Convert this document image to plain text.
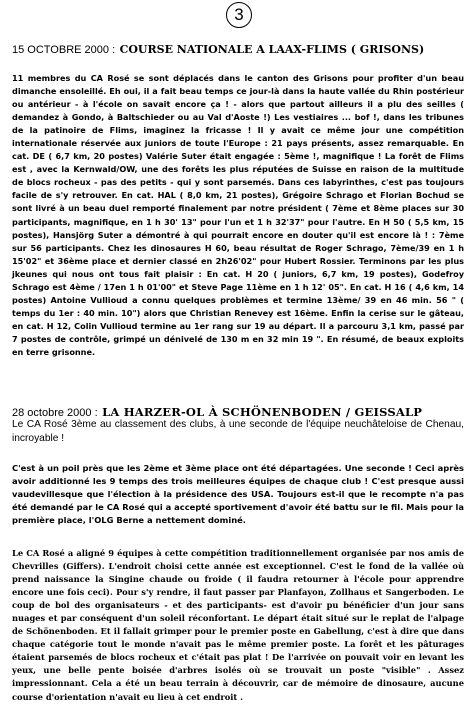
3
15 OCTOBRE 2000 : COURSE NATIONALE A LAAX-FLIMS ( GRISONS)

11 membres du CA Rosé se sont déplacés dans le canton des Grisons pour profiter d'un beau dimanche ensoleillé. Eh oui, il a fait beau temps ce jour-là dans la haute vallée du Rhin postérieur ou antérieur - à l'école on savait encore ça ! - alors que partout ailleurs il a plu des seilles ( demandez à Gondo, à Baltschieder ou au Val d'Aoste !) Les vestiaires ... bof !, dans les tribunes de la patinoire de Flims, imaginez la fricasse ! Il y avait ce même jour une compétition internationale réservée aux juniors de toute l'Europe : 21 pays présents, assez remarquable. En cat. DE ( 6,7 km, 20 postes) Valérie Suter était engagée : 5ème !, magnifique ! La forêt de Flims est , avec la Kernwald/OW, une des forêts les plus réputées de Suisse en raison de la multitude de blocs rocheux - pas des petits - qui y sont parsemés. Dans ces labyrinthes, c'est pas toujours facile de s'y retrouver. En cat. HAL ( 8,0 km, 21 postes), Grégoire Schrago et Florian Bochud se sont livré à un beau duel remporté finalement par notre président ( 7ème et 8ème places sur 30 participants, magnifique, en 1 h 30' 13" pour l'un et 1 h 32'37" pour l'autre. En H 50 ( 5,5 km, 15 postes), Hansjörg Suter a démontré à qui pourrait encore en douter qu'il est encore là ! : 7ème sur 56 participants. Chez les dinosaures H 60, beau résultat de Roger Schrago, 7ème/39 en 1 h 15'02" et 36ème place et dernier classé en 2h26'02" pour Hubert Rossier. Terminons par les plus jkeunes qui nous ont tous fait plaisir : En cat. H 20 ( juniors, 6,7 km, 19 postes), Godefroy Schrago est 4ème / 17en 1 h 01'00" et Steve Page 11ème en 1 h 12' 05". En cat. H 16 ( 4,6 km, 14 postes) Antoine Vullioud a connu quelques problèmes et termine 13ème/ 39 en 46 min. 56 " ( temps du 1er : 40 min. 10") alors que Christian Renevey est 16ème. Enfin la cerise sur le gâteau, en cat. H 12, Colin Vullioud termine au 1er rang sur 19 au départ. Il a parcouru 3,1 km, passé par 7 postes de contrôle, grimpé un dénivelé de 130 m en 32 min 19 ". En résumé, de beaux exploits en terre grisonne.

28 octobre 2000 : LA HARZER-OL À SCHÖNENBODEN / GEISSALP

Le CA Rosé 3ème au classement des clubs, à une seconde de l'équipe neuchâteloise de Chenau, incroyable !

C'est à un poil près que les 2ème et 3ème place ont été départagées. Une seconde ! Ceci après avoir additionné les 9 temps des trois meilleures équipes de chaque club ! C'est presque aussi vaudevillesque que l'élection à la présidence des USA. Toujours est-il que le recompte n'a pas été demandé par le CA Rosé qui a accepté sportivement d'avoir été battu sur le fil. Mais pour la première place, l'OLG Berne a nettement dominé.

Le CA Rosé a aligné 9 équipes à cette compétition traditionnellement organisée par nos amis de Chevrilles (Giffers). L'endroit choisi cette année est exceptionnel. C'est le fond de la vallée où prend naissance la Singine chaude ou froide ( il faudra retourner à l'école pour apprendre encore une fois ceci). Pour s'y rendre, il faut passer par Planfayon, Zollhaus et Sangerboden. Le coup de bol des organisateurs - et des participants- est d'avoir pu bénéficier d'un jour sans nuages et par conséquent d'un soleil réconfortant. Le départ était situé sur le replat de l'alpage de Schönenboden. Et il fallait grimper pour le premier poste en Gabellung, c'est à dire que dans chaque catégorie tout le monde n'avait pas le même premier poste. La forêt et les pâturages étaient parsemés de blocs rocheux et c'était pas plat ! De l'arrivée on pouvait voir en levant les yeux, une belle pente boisée d'arbres isolés où se trouvait un poste "visible" . Assez impressionnant. Cela a été un beau terrain à découvrir, car de mémoire de dinosaure, aucune course d'orientation n'avait eu lieu à cet endroit .
